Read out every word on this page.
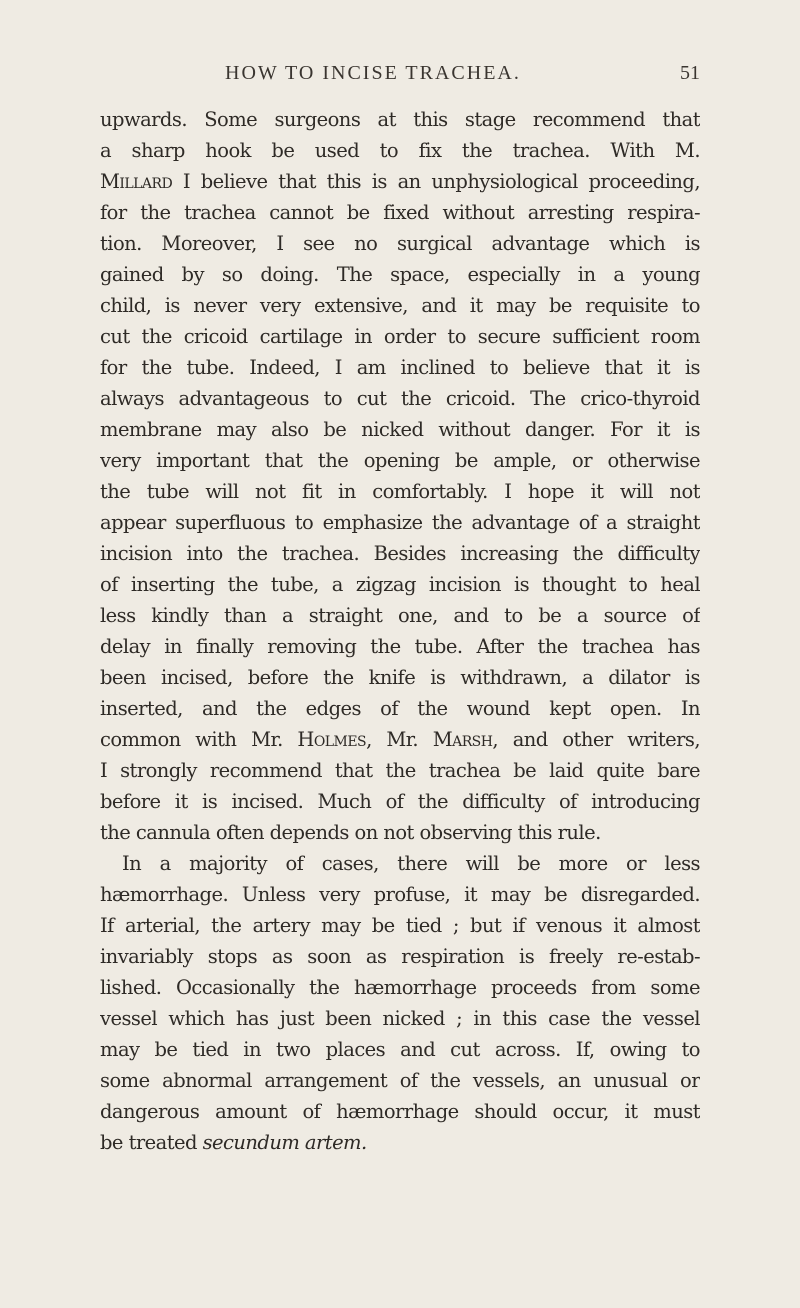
HOW TO INCISE TRACHEA.	51
upwards. Some surgeons at this stage recommend that
a sharp hook be used to fix the trachea. With M.
Millard I believe that this is an unphysiological proceeding,
for the trachea cannot be fixed without arresting respira-
tion. Moreover, I see no surgical advantage which is
gained by so doing. The space, especially in a young
child, is never very extensive, and it may be requisite to
cut the cricoid cartilage in order to secure sufficient room
for the tube. Indeed, I am inclined to believe that it is
always advantageous to cut the cricoid. The crico-thyroid
membrane may also be nicked without danger. For it is
very important that the opening be ample, or otherwise
the tube will not fit in comfortably. I hope it will not
appear superfluous to emphasize the advantage of a straight
incision into the trachea. Besides increasing the difficulty
of inserting the tube, a zigzag incision is thought to heal
less kindly than a straight one, and to be a source of
delay in finally removing the tube. After the trachea has
been incised, before the knife is withdrawn, a dilator is
inserted, and the edges of the wound kept open. In
common with Mr. Holmes, Mr. Marsh, and other writers,
I strongly recommend that the trachea be laid quite bare
before it is incised. Much of the difficulty of introducing
the cannula often depends on not observing this rule.
In a majority of cases, there will be more or less
hæmorrhage. Unless very profuse, it may be disregarded.
If arterial, the artery may be tied ; but if venous it almost
invariably stops as soon as respiration is freely re-estab-
lished. Occasionally the hæmorrhage proceeds from some
vessel which has just been nicked ; in this case the vessel
may be tied in two places and cut across. If, owing to
some abnormal arrangement of the vessels, an unusual or
dangerous amount of hæmorrhage should occur, it must
be treated secundum artem.
